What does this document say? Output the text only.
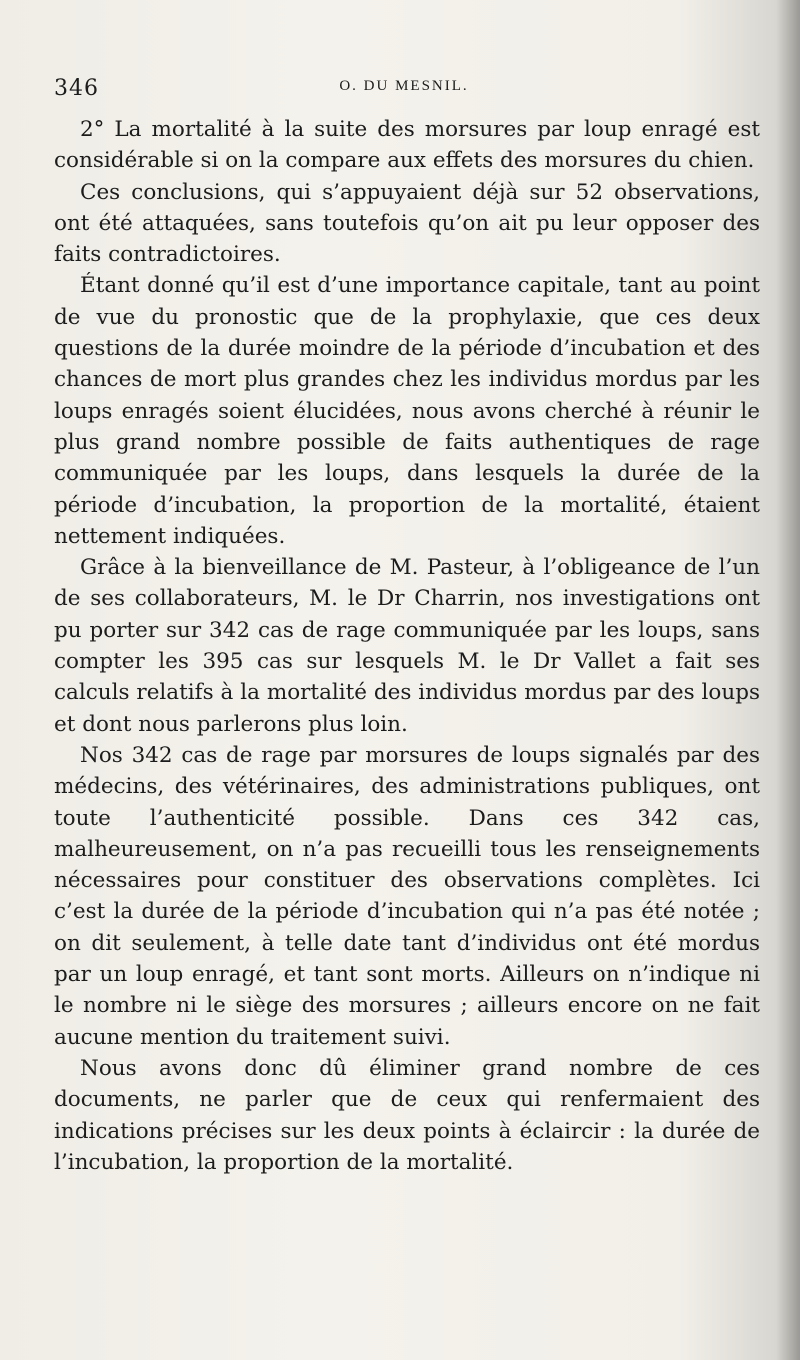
346	O. DU MESNIL.

2° La mortalité à la suite des morsures par loup enragé est considérable si on la compare aux effets des morsures du chien.

Ces conclusions, qui s’appuyaient déjà sur 52 observations, ont été attaquées, sans toutefois qu’on ait pu leur opposer des faits contradictoires.

Étant donné qu’il est d’une importance capitale, tant au point de vue du pronostic que de la prophylaxie, que ces deux questions de la durée moindre de la période d’incubation et des chances de mort plus grandes chez les individus mordus par les loups enragés soient élucidées, nous avons cherché à réunir le plus grand nombre possible de faits authentiques de rage communiquée par les loups, dans lesquels la durée de la période d’incubation, la proportion de la mortalité, étaient nettement indiquées.

Grâce à la bienveillance de M. Pasteur, à l’obligeance de l’un de ses collaborateurs, M. le Dr Charrin, nos investigations ont pu porter sur 342 cas de rage communiquée par les loups, sans compter les 395 cas sur lesquels M. le Dr Vallet a fait ses calculs relatifs à la mortalité des individus mordus par des loups et dont nous parlerons plus loin.

Nos 342 cas de rage par morsures de loups signalés par des médecins, des vétérinaires, des administrations publiques, ont toute l’authenticité possible. Dans ces 342 cas, malheureusement, on n’a pas recueilli tous les renseignements nécessaires pour constituer des observations complètes. Ici c’est la durée de la période d’incubation qui n’a pas été notée ; on dit seulement, à telle date tant d’individus ont été mordus par un loup enragé, et tant sont morts. Ailleurs on n’indique ni le nombre ni le siège des morsures ; ailleurs encore on ne fait aucune mention du traitement suivi.

Nous avons donc dû éliminer grand nombre de ces documents, ne parler que de ceux qui renfermaient des indications précises sur les deux points à éclaircir : la durée de l’incubation, la proportion de la mortalité.
